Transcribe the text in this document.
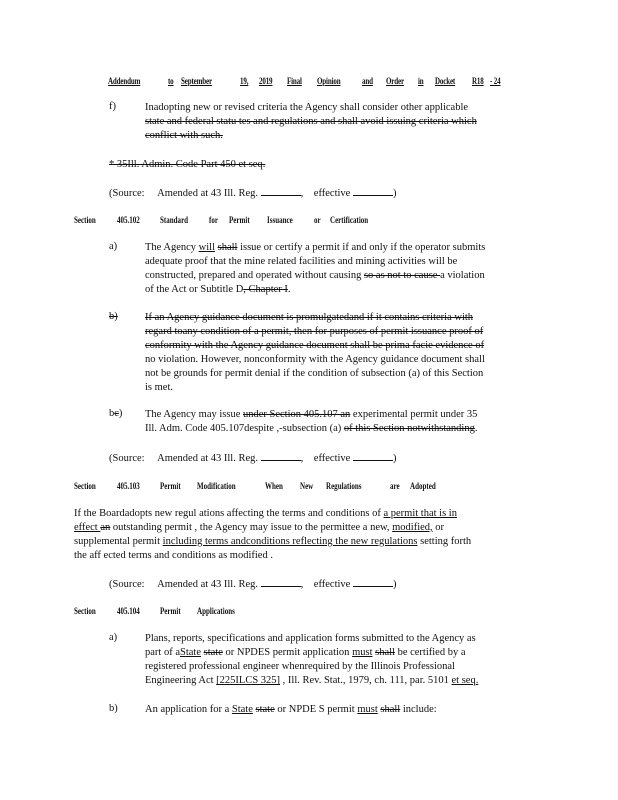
Addendum	to September	19, 2019 Final Opinion and Order in Docket R18 - 24
f)	Inadopting new or revised criteria the Agency shall consider other applicable
state and federal statu tes and regulations and shall avoid issuing criteria which
conflict with such.
* 35Ill. Admin. Code Part 450 et seq.
(Source: Amended at 43 Ill. Reg.	, effective	)
Section 405.102 Standard for Permit Issuance or Certification
a)	The Agency will shall issue or certify a permit if and only if the operator submits
adequate proof that the mine related facilities and mining activities will be
constructed, prepared and operated without causing so as not to cause a violation
of the Act or Subtitle D, Chapter I.
b)	If an Agency guidance document is promulgatedand if it contains criteria with
regard toany condition of a permit, then for purposes of permit issuance proof of
conformity with the Agency guidance document shall be prima facie evidence of
no violation. However, nonconformity with the Agency guidance document shall
not be grounds for permit denial if the condition of subsection (a) of this Section
is met.
bc) The Agency may issue under Section 405.107 an experimental permit under 35
Ill. Adm. Code 405.107despite ,-subsection (a) of this Section notwithstanding.
(Source: Amended at 43 Ill. Reg.	, effective	)
Section 405.103 Permit Modification	When New Regulations	are Adopted
If the Boardadopts new regul ations affecting the terms and conditions of a permit that is in
effect an outstanding permit , the Agency may issue to the permittee a new, modified, or
supplemental permit including terms andconditions reflecting the new regulations setting forth
the aff ected terms and conditions as modified .
(Source: Amended at 43 Ill. Reg.	, effective	)
Section 405.104 Permit Applications
a)	Plans, reports, specifications and application forms submitted to the Agency as
part of aState state or NPDES permit application must shall be certified by a
registered professional engineer whenrequired by the Illinois Professional
Engineering Act [225ILCS 325] , Ill. Rev. Stat., 1979, ch. 111, par. 5101 et seq.
b)	An application for a State state or NPDE S permit must shall include:
